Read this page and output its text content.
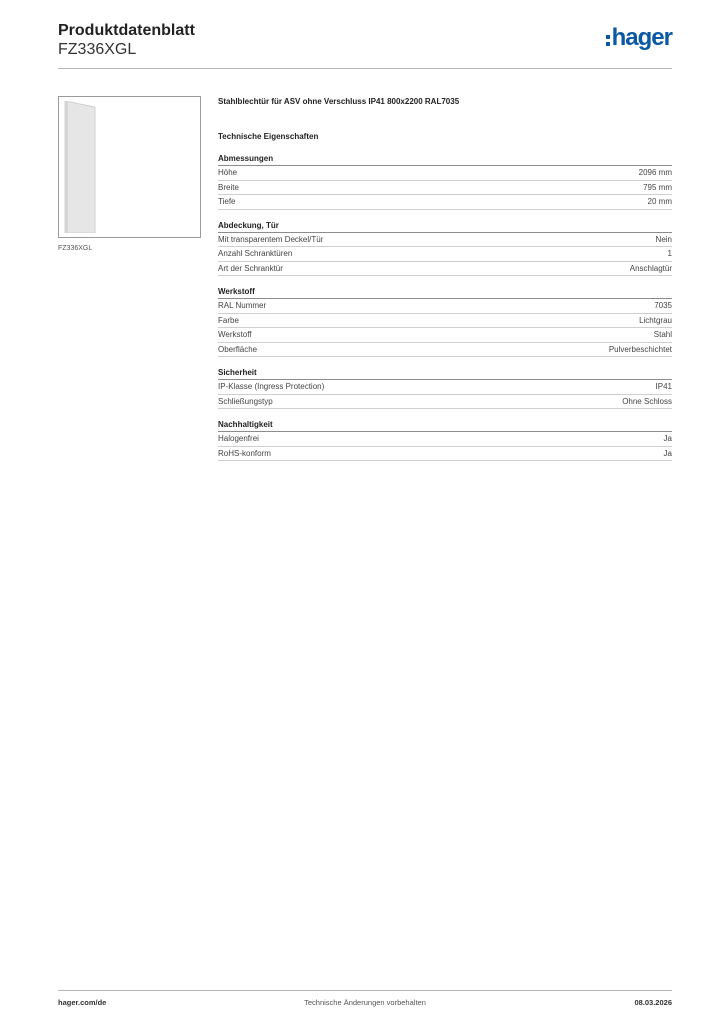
Produktdatenblatt
FZ336XGL	hager
FZ336XGL
Stahlblechtür für ASV ohne Verschluss IP41 800x2200 RAL7035
Technische Eigenschaften
Abmessungen
Höhe	2096 mm
Breite	795 mm
Tiefe	20 mm
Abdeckung, Tür
Mit transparentem Deckel/Tür	Nein
Anzahl Schranktüren	1
Art der Schranktür	Anschlagtür
Werkstoff
RAL Nummer	7035
Farbe	Lichtgrau
Werkstoff	Stahl
Oberfläche	Pulverbeschichtet
Sicherheit
IP-Klasse (Ingress Protection)	IP41
Schließungstyp	Ohne Schloss
Nachhaltigkeit
Halogenfrei	Ja
RoHS-konform	Ja
hager.com/de	Technische Änderungen vorbehalten	08.03.2026
